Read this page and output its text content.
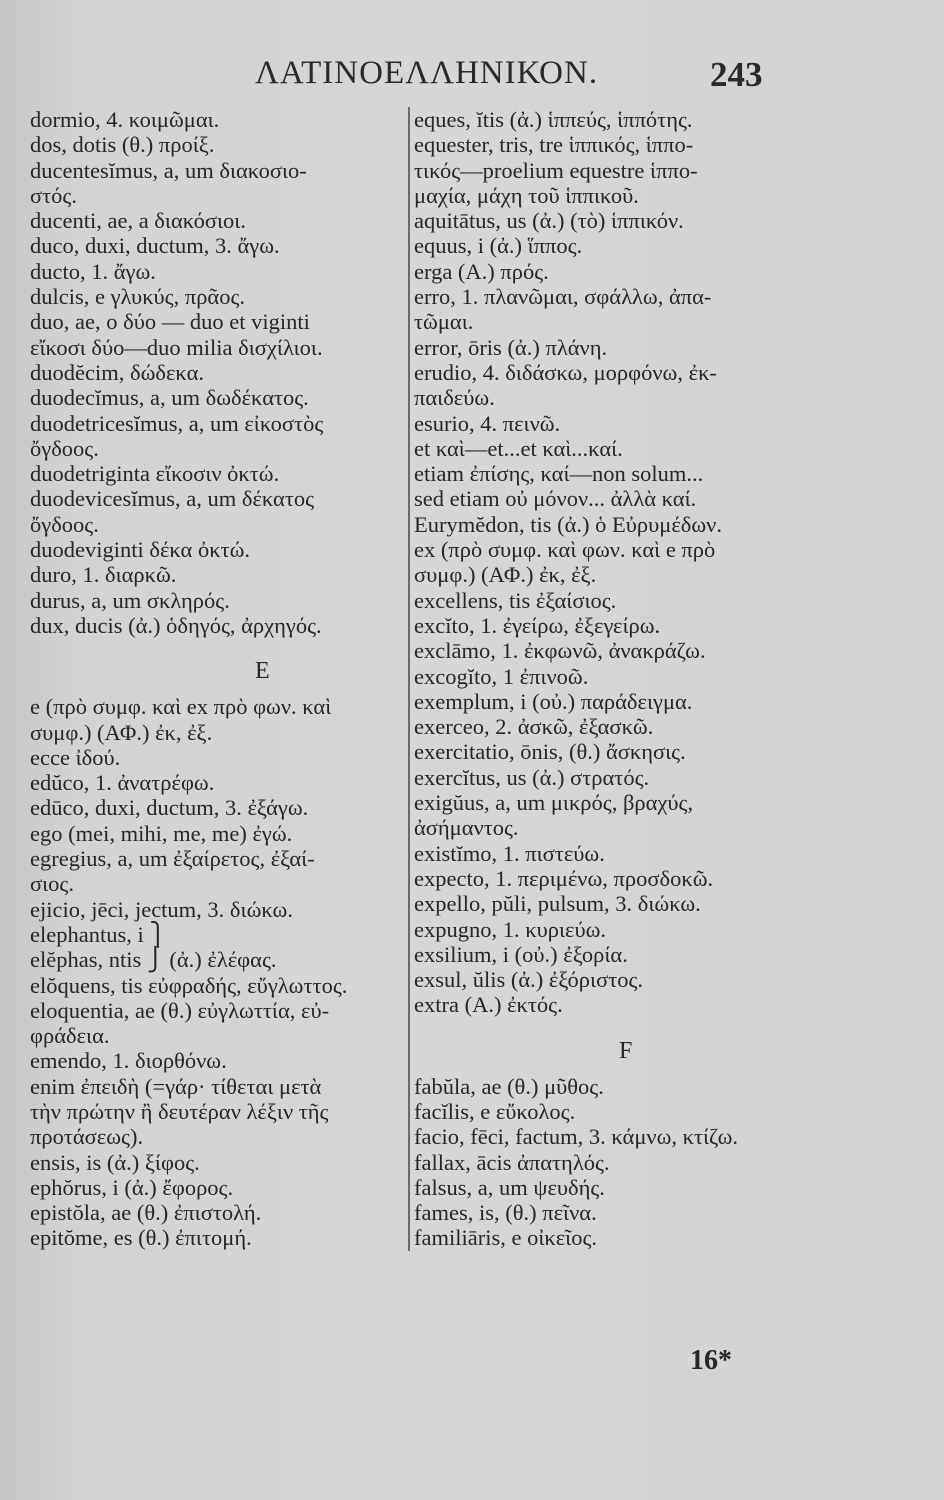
ΛΑΤΙΝΟΕΛΛΗΝΙΚΟΝ.	243
dormio, 4. κοιμῶμαι.
dos, dotis (θ.) προίξ.
ducentesĭmus, a, um διακοσιο-
στός.
ducenti, ae, a διακόσιοι.
duco, duxi, ductum, 3. ἄγω.
ducto, 1. ἄγω.
dulcis, e γλυκύς, πρᾶος.
duo, ae, o δύο — duo et viginti
εἴκοσι δύο—duo milia δισχίλιοι.
duodĕcim, δώδεκα.
duodecĭmus, a, um δωδέκατος.
duodetricesĭmus, a, um εἰκοστὸς
ὄγδοος.
duodetriginta εἴκοσιν ὀκτώ.
duodevicesĭmus, a, um δέκατος
ὄγδοος.
duodeviginti δέκα ὀκτώ.
duro, 1. διαρκῶ.
durus, a, um σκληρός.
dux, ducis (ἀ.) ὁδηγός, ἀρχηγός.
E
e (πρὸ συμφ. καὶ ex πρὸ φων. καὶ
συμφ.) (ΑΦ.) ἐκ, ἐξ.
ecce ἰδού.
edŭco, 1. ἀνατρέφω.
edūco, duxi, ductum, 3. ἐξάγω.
ego (mei, mihi, me, me) ἐγώ.
egregius, a, um ἐξαίρετος, ἐξαί-
σιος.
ejicio, jēci, jectum, 3. διώκω.
elephantus, i ⎫
elĕphas, ntis ⎭ (ἀ.) ἐλέφας.
elŏquens, tis εὐφραδής, εὔγλωττος.
eloquentia, ae (θ.) εὐγλωττία, εὐ-
φράδεια.
emendo, 1. διορθόνω.
enim ἐπειδὴ (=γάρ· τίθεται μετὰ
τὴν πρώτην ἢ δευτέραν λέξιν τῆς
προτάσεως).
ensis, is (ἀ.) ξίφος.
ephŏrus, i (ἀ.) ἔφορος.
epistŏla, ae (θ.) ἐπιστολή.
epitŏme, es (θ.) ἐπιτομή.
eques, ĭtis (ἀ.) ἱππεύς, ἱππότης.
equester, tris, tre ἱππικός, ἱππο-
τικός—proelium equestre ἱππο-
μαχία, μάχη τοῦ ἱππικοῦ.
aquitātus, us (ἀ.) (τὸ) ἱππικόν.
equus, i (ἀ.) ἵππος.
erga (Α.) πρός.
erro, 1. πλανῶμαι, σφάλλω, ἀπα-
τῶμαι.
error, ōris (ἀ.) πλάνη.
erudio, 4. διδάσκω, μορφόνω, ἐκ-
παιδεύω.
esurio, 4. πεινῶ.
et καὶ—et...et καὶ...καί.
etiam ἐπίσης, καί—non solum...
sed etiam οὐ μόνον... ἀλλὰ καί.
Eurymĕdon, tis (ἀ.) ὁ Εὐρυμέδων.
ex (πρὸ συμφ. καὶ φων. καὶ e πρὸ
συμφ.) (ΑΦ.) ἐκ, ἐξ.
excellens, tis ἐξαίσιος.
excĭto, 1. ἐγείρω, ἐξεγείρω.
exclāmo, 1. ἐκφωνῶ, ἀνακράζω.
excogĭto, 1 ἐπινοῶ.
exemplum, i (οὐ.) παράδειγμα.
exerceo, 2. ἀσκῶ, ἐξασκῶ.
exercitatio, ōnis, (θ.) ἄσκησις.
exercĭtus, us (ἀ.) στρατός.
exigŭus, a, um μικρός, βραχύς,
ἀσήμαντος.
existĭmo, 1. πιστεύω.
expecto, 1. περιμένω, προσδοκῶ.
expello, pŭli, pulsum, 3. διώκω.
expugno, 1. κυριεύω.
exsilium, i (οὐ.) ἐξορία.
exsul, ŭlis (ἀ.) ἐξόριστος.
extra (Α.) ἐκτός.
F
fabŭla, ae (θ.) μῦθος.
facĭlis, e εὔκολος.
facio, fēci, factum, 3. κάμνω, κτίζω.
fallax, ācis ἀπατηλός.
falsus, a, um ψευδής.
fames, is, (θ.) πεῖνα.
familiāris, e οἰκεῖος.
16*
